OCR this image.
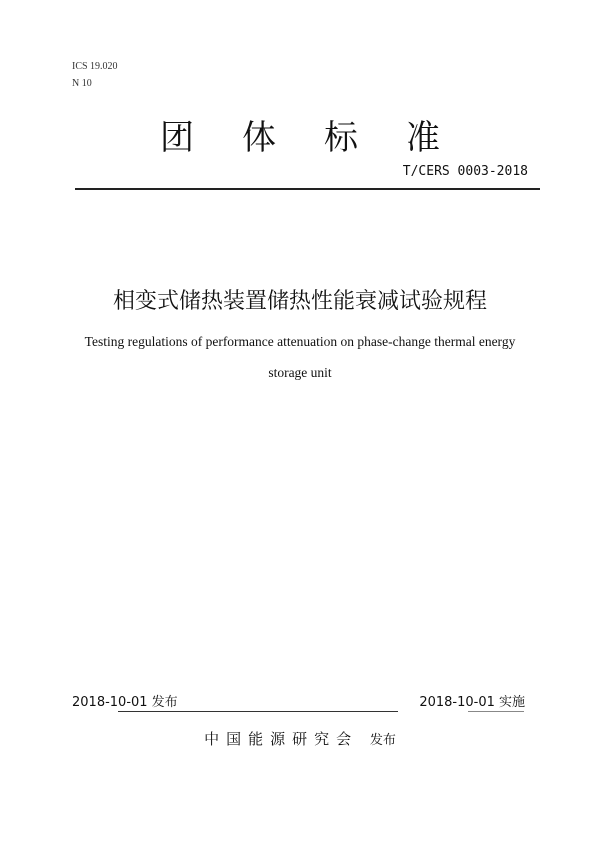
ICS 19.020
N 10
团 体 标 准
T/CERS 0003-2018
相变式储热装置储热性能衰减试验规程
Testing regulations of performance attenuation on phase-change thermal energy
storage unit
2018-10-01 发布	2018-10-01 实施
中国能源研究会 发布
